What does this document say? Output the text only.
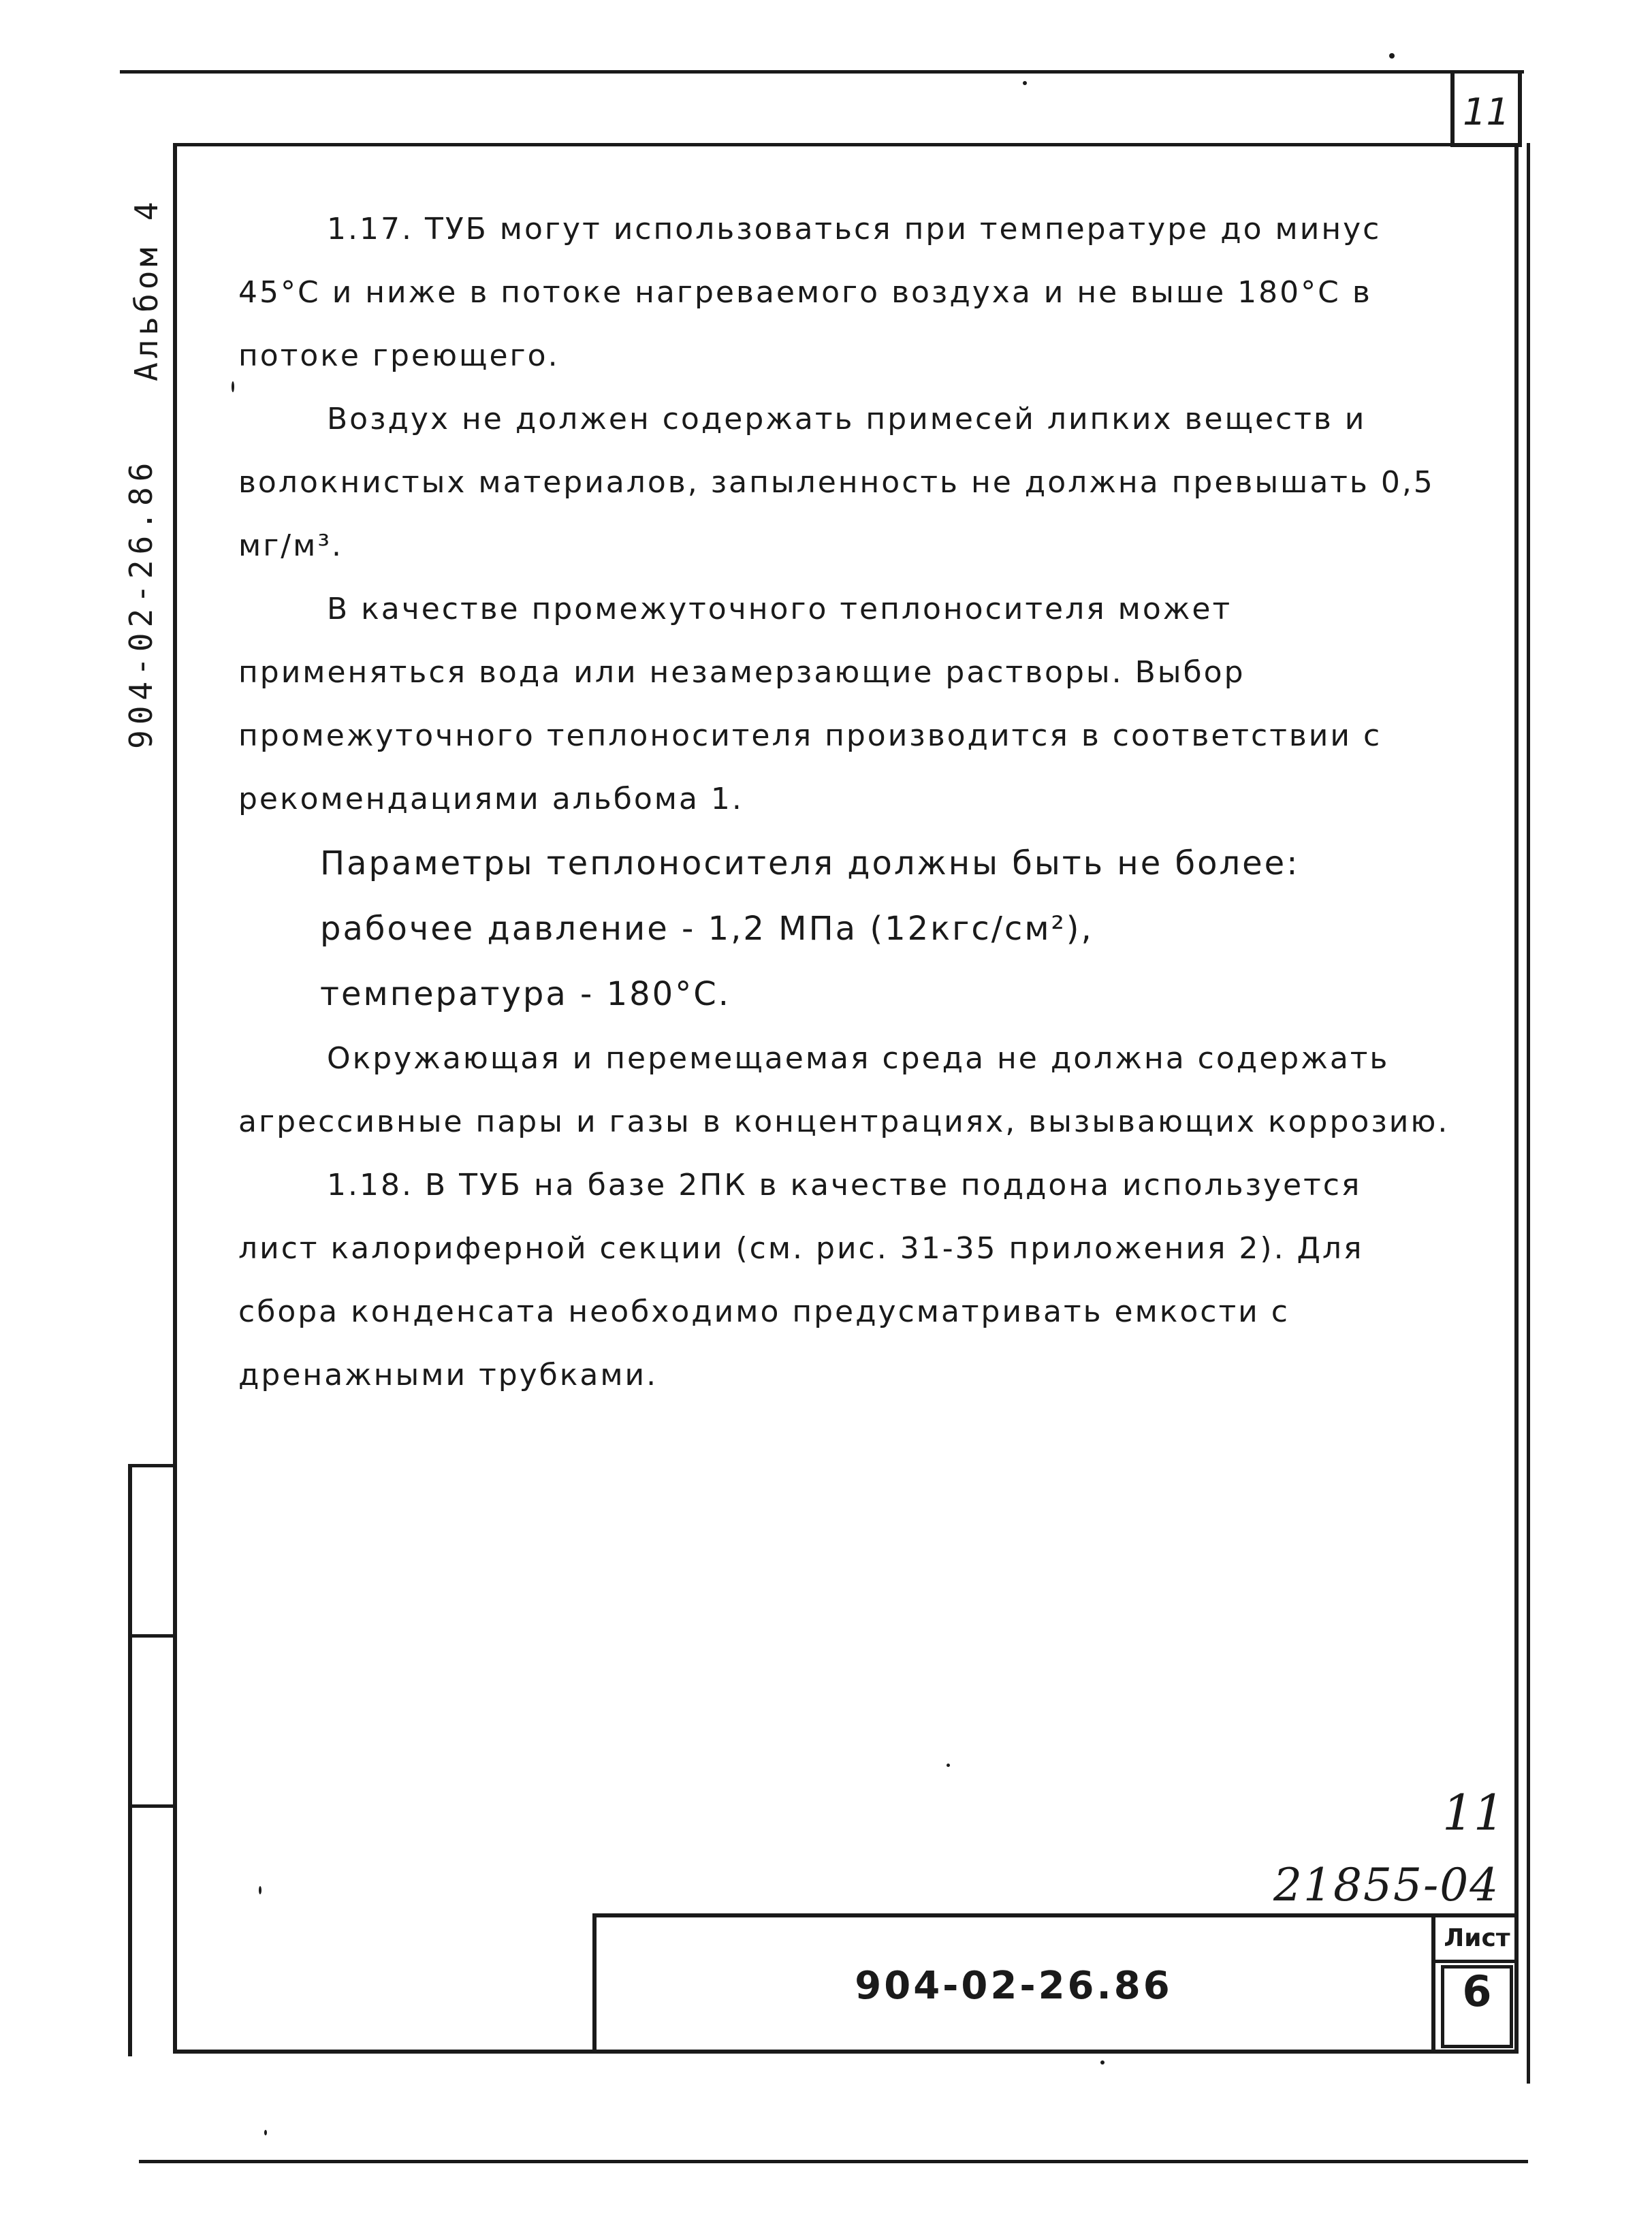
11
Альбом 4
904-02-26.86

1.17. ТУБ могут использоваться при температуре до минус 45°С и ниже в потоке нагреваемого воздуха и не выше 180°С в потоке греющего.

Воздух не должен содержать примесей липких веществ и волокнистых материалов, запыленность не должна превышать 0,5 мг/м³.

В качестве промежуточного теплоносителя может применяться вода или незамерзающие растворы. Выбор промежуточного теплоносителя производится в соответствии с рекомендациями альбома 1.

Параметры теплоносителя должны быть не более:
рабочее давление - 1,2 МПа (12кгс/см²),
температура - 180°С.

Окружающая и перемещаемая среда не должна содержать агрессивные пары и газы в концентрациях, вызывающих коррозию.

1.18. В ТУБ на базе 2ПК в качестве поддона используется лист калориферной секции (см. рис. 31-35 приложения 2). Для сбора конденсата необходимо предусматривать емкости с дренажными трубками.

11
21855-04
904-02-26.86
Лист
6
